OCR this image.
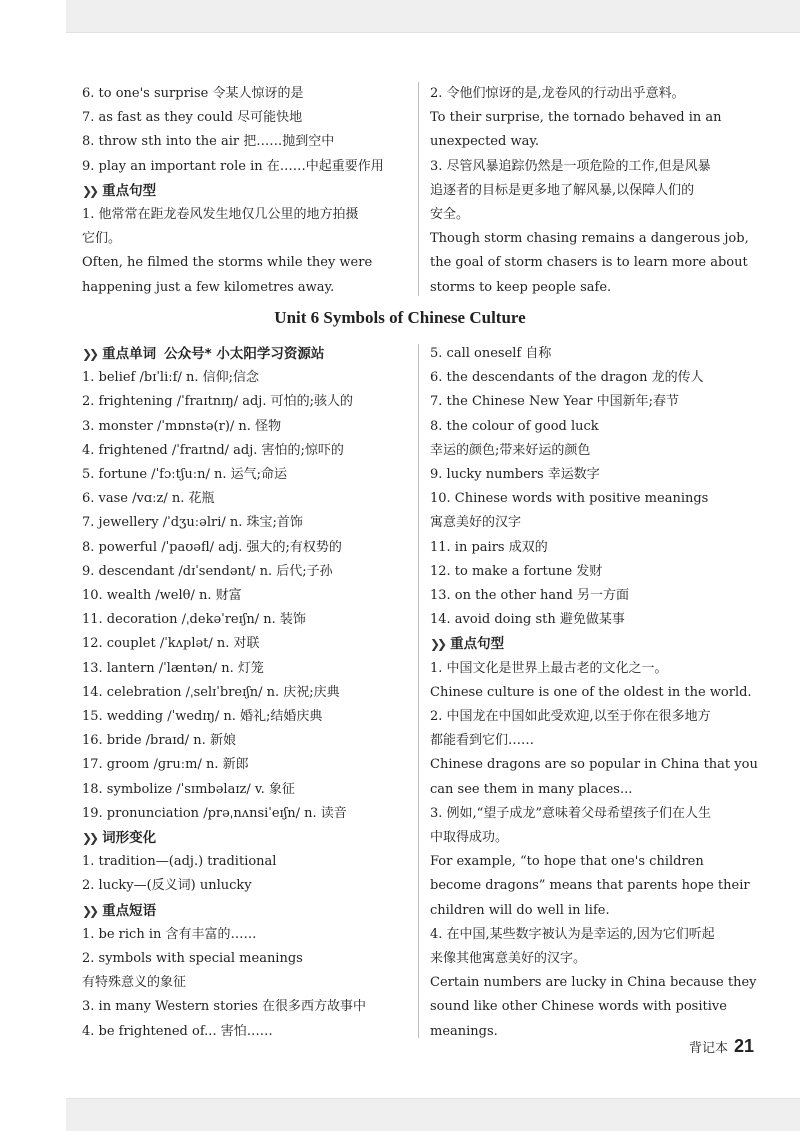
6. to one's surprise 令某人惊讶的是
7. as fast as they could 尽可能快地
8. throw sth into the air 把……抛到空中
9. play an important role in 在……中起重要作用
❯❯ 重点句型
1. 他常常在距龙卷风发生地仅几公里的地方拍摄
它们。
Often, he filmed the storms while they were
happening just a few kilometres away.
2. 令他们惊讶的是,龙卷风的行动出乎意料。
To their surprise, the tornado behaved in an
unexpected way.
3. 尽管风暴追踪仍然是一项危险的工作,但是风暴
追逐者的目标是更多地了解风暴,以保障人们的
安全。
Though storm chasing remains a dangerous job,
the goal of storm chasers is to learn more about
storms to keep people safe.
Unit 6 Symbols of Chinese Culture
❯❯ 重点单词 公众号* 小太阳学习资源站
1. belief /bɪˈliːf/ n. 信仰;信念
2. frightening /ˈfraɪtnɪŋ/ adj. 可怕的;骇人的
3. monster /ˈmɒnstə(r)/ n. 怪物
4. frightened /ˈfraɪtnd/ adj. 害怕的;惊吓的
5. fortune /ˈfɔːtʃuːn/ n. 运气;命运
6. vase /vɑːz/ n. 花瓶
7. jewellery /ˈdʒuːəlri/ n. 珠宝;首饰
8. powerful /ˈpaʊəfl/ adj. 强大的;有权势的
9. descendant /dɪˈsendənt/ n. 后代;子孙
10. wealth /welθ/ n. 财富
11. decoration /ˌdekəˈreɪʃn/ n. 装饰
12. couplet /ˈkʌplət/ n. 对联
13. lantern /ˈlæntən/ n. 灯笼
14. celebration /ˌselɪˈbreɪʃn/ n. 庆祝;庆典
15. wedding /ˈwedɪŋ/ n. 婚礼;结婚庆典
16. bride /braɪd/ n. 新娘
17. groom /ɡruːm/ n. 新郎
18. symbolize /ˈsɪmbəlaɪz/ v. 象征
19. pronunciation /prəˌnʌnsiˈeɪʃn/ n. 读音
❯❯ 词形变化
1. tradition—(adj.) traditional
2. lucky—(反义词) unlucky
❯❯ 重点短语
1. be rich in 含有丰富的……
2. symbols with special meanings
有特殊意义的象征
3. in many Western stories 在很多西方故事中
4. be frightened of... 害怕……
5. call oneself 自称
6. the descendants of the dragon 龙的传人
7. the Chinese New Year 中国新年;春节
8. the colour of good luck
幸运的颜色;带来好运的颜色
9. lucky numbers 幸运数字
10. Chinese words with positive meanings
寓意美好的汉字
11. in pairs 成双的
12. to make a fortune 发财
13. on the other hand 另一方面
14. avoid doing sth 避免做某事
❯❯ 重点句型
1. 中国文化是世界上最古老的文化之一。
Chinese culture is one of the oldest in the world.
2. 中国龙在中国如此受欢迎,以至于你在很多地方
都能看到它们……
Chinese dragons are so popular in China that you
can see them in many places...
3. 例如,“望子成龙”意味着父母希望孩子们在人生
中取得成功。
For example, “to hope that one's children
become dragons” means that parents hope their
children will do well in life.
4. 在中国,某些数字被认为是幸运的,因为它们听起
来像其他寓意美好的汉字。
Certain numbers are lucky in China because they
sound like other Chinese words with positive
meanings.
背记本 21
